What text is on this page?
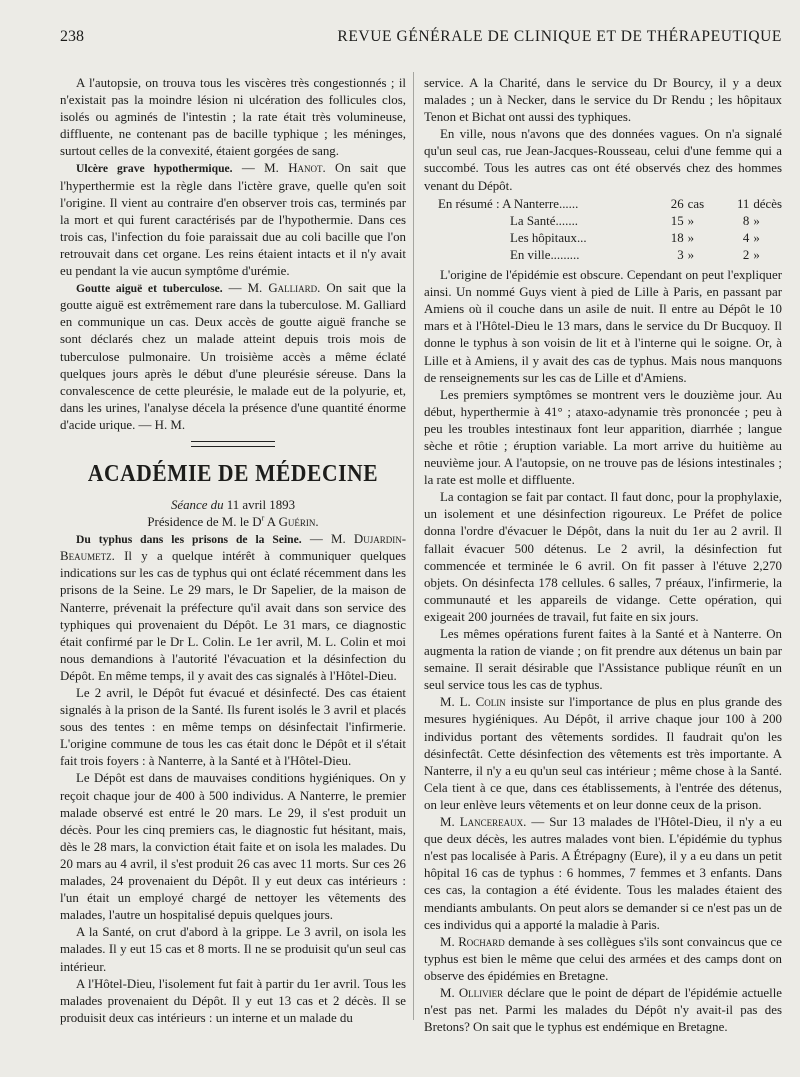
238	REVUE GÉNÉRALE DE CLINIQUE ET DE THÉRAPEUTIQUE

A l'autopsie, on trouva tous les viscères très congestionnés ; il n'existait pas la moindre lésion ni ulcération des follicules clos, isolés ou agminés de l'intestin ; la rate était très volumineuse, diffluente, ne contenant pas de bacille typhique ; les méninges, surtout celles de la convexité, étaient gorgées de sang.

Ulcère grave hypothermique. — M. Hanot. On sait que l'hyperthermie est la règle dans l'ictère grave, quelle qu'en soit l'origine. Il vient au contraire d'en observer trois cas, terminés par la mort et qui furent caractérisés par de l'hypothermie. Dans ces trois cas, l'infection du foie paraissait due au coli bacille que l'on retrouvait dans cet organe. Les reins étaient intacts et il n'y avait eu pendant la vie aucun symptôme d'urémie.

Goutte aiguë et tuberculose. — M. Galliard. On sait que la goutte aiguë est extrêmement rare dans la tuberculose. M. Galliard en communique un cas. Deux accès de goutte aiguë franche se sont déclarés chez un malade atteint depuis trois mois de tuberculose pulmonaire. Un troisième accès a même éclaté quelques jours après le début d'une pleurésie séreuse. Dans la convalescence de cette pleurésie, le malade eut de la polyurie, et, dans les urines, l'analyse décela la présence d'une quantité énorme d'acide urique. — H. M.

ACADÉMIE DE MÉDECINE

Séance du 11 avril 1893

Présidence de M. le $D^r$ A Guérin.

Du typhus dans les prisons de la Seine. — M. Dujardin-Beaumetz. Il y a quelque intérêt à communiquer quelques indications sur les cas de typhus qui ont éclaté récemment dans les prisons de la Seine. Le 29 mars, le Dr Sapelier, de la maison de Nanterre, prévenait la préfecture qu'il avait dans son service des typhiques qui provenaient du Dépôt. Le 31 mars, ce diagnostic était confirmé par le Dr L. Colin. Le 1er avril, M. L. Colin et moi nous demandions à l'autorité l'évacuation et la désinfection du Dépôt. En même temps, il y avait des cas signalés à l'Hôtel-Dieu.

Le 2 avril, le Dépôt fut évacué et désinfecté. Des cas étaient signalés à la prison de la Santé. Ils furent isolés le 3 avril et placés sous des tentes : en même temps on désinfectait l'infirmerie. L'origine commune de tous les cas était donc le Dépôt et il s'était fait trois foyers : à Nanterre, à la Santé et à l'Hôtel-Dieu.

Le Dépôt est dans de mauvaises conditions hygiéniques. On y reçoit chaque jour de 400 à 500 individus. A Nanterre, le premier malade observé est entré le 20 mars. Le 29, il s'est produit un décès. Pour les cinq premiers cas, le diagnostic fut hésitant, mais, dès le 28 mars, la conviction était faite et on isola les malades. Du 20 mars au 4 avril, il s'est produit 26 cas avec 11 morts. Sur ces 26 malades, 24 provenaient du Dépôt. Il y eut deux cas intérieurs : l'un était un employé chargé de nettoyer les vêtements des malades, l'autre un hospitalisé depuis quelques jours.

A la Santé, on crut d'abord à la grippe. Le 3 avril, on isola les malades. Il y eut 15 cas et 8 morts. Il ne se produisit qu'un seul cas intérieur.

A l'Hôtel-Dieu, l'isolement fut fait à partir du 1er avril. Tous les malades provenaient du Dépôt. Il y eut 13 cas et 2 décès. Il se produisit deux cas intérieurs : un interne et un malade du

service. A la Charité, dans le service du Dr Bourcy, il y a deux malades ; un à Necker, dans le service du Dr Rendu ; les hôpitaux Tenon et Bichat ont aussi des typhiques.

En ville, nous n'avons que des données vagues. On n'a signalé qu'un seul cas, rue Jean-Jacques-Rousseau, celui d'une femme qui a succombé. Tous les autres cas ont été observés chez des hommes venant du Dépôt.

En résumé : A Nanterre......	26	cas	11	décès
La Santé.......	15	»	8	»
Les hôpitaux...	18	»	4	»
En ville.........	3	»	2	»

L'origine de l'épidémie est obscure. Cependant on peut l'expliquer ainsi. Un nommé Guys vient à pied de Lille à Paris, en passant par Amiens où il couche dans un asile de nuit. Il entre au Dépôt le 10 mars et à l'Hôtel-Dieu le 13 mars, dans le service du Dr Bucquoy. Il donne le typhus à son voisin de lit et à l'interne qui le soigne. Or, à Lille et à Amiens, il y avait des cas de typhus. Mais nous manquons de renseignements sur les cas de Lille et d'Amiens.

Les premiers symptômes se montrent vers le douzième jour. Au début, hyperthermie à 41° ; ataxo-adynamie très prononcée ; peu à peu les troubles intestinaux font leur apparition, diarrhée ; langue sèche et rôtie ; éruption variable. La mort arrive du huitième au neuvième jour. A l'autopsie, on ne trouve pas de lésions intestinales ; la rate est molle et diffluente.

La contagion se fait par contact. Il faut donc, pour la prophylaxie, un isolement et une désinfection rigoureux. Le Préfet de police donna l'ordre d'évacuer le Dépôt, dans la nuit du 1er au 2 avril. Il fallait évacuer 500 détenus. Le 2 avril, la désinfection fut commencée et terminée le 6 avril. On fit passer à l'étuve 2,270 objets. On désinfecta 178 cellules. 6 salles, 7 préaux, l'infirmerie, la communauté et les appareils de vidange. Cette opération, qui exigeait 200 journées de travail, fut faite en six jours.

Les mêmes opérations furent faites à la Santé et à Nanterre. On augmenta la ration de viande ; on fit prendre aux détenus un bain par semaine. Il serait désirable que l'Assistance publique réunît en un seul service tous les cas de typhus.

M. L. Colin insiste sur l'importance de plus en plus grande des mesures hygiéniques. Au Dépôt, il arrive chaque jour 100 à 200 individus portant des vêtements sordides. Il faudrait qu'on les désinfectât. Cette désinfection des vêtements est très importante. A Nanterre, il n'y a eu qu'un seul cas intérieur ; même chose à la Santé. Cela tient à ce que, dans ces établissements, à l'entrée des détenus, on leur enlève leurs vêtements et on leur donne ceux de la prison.

M. Lancereaux. — Sur 13 malades de l'Hôtel-Dieu, il n'y a eu que deux décès, les autres malades vont bien. L'épidémie du typhus n'est pas localisée à Paris. A Étrépagny (Eure), il y a eu dans un petit hôpital 16 cas de typhus : 6 hommes, 7 femmes et 3 enfants. Dans ces cas, la contagion a été évidente. Tous les malades étaient des mendiants ambulants. On peut alors se demander si ce n'est pas un de ces individus qui a apporté la maladie à Paris.

M. Rochard demande à ses collègues s'ils sont convaincus que ce typhus est bien le même que celui des armées et des camps dont on observe des épidémies en Bretagne.

M. Ollivier déclare que le point de départ de l'épidémie actuelle n'est pas net. Parmi les malades du Dépôt n'y avait-il pas des Bretons? On sait que le typhus est endémique en Bretagne.
